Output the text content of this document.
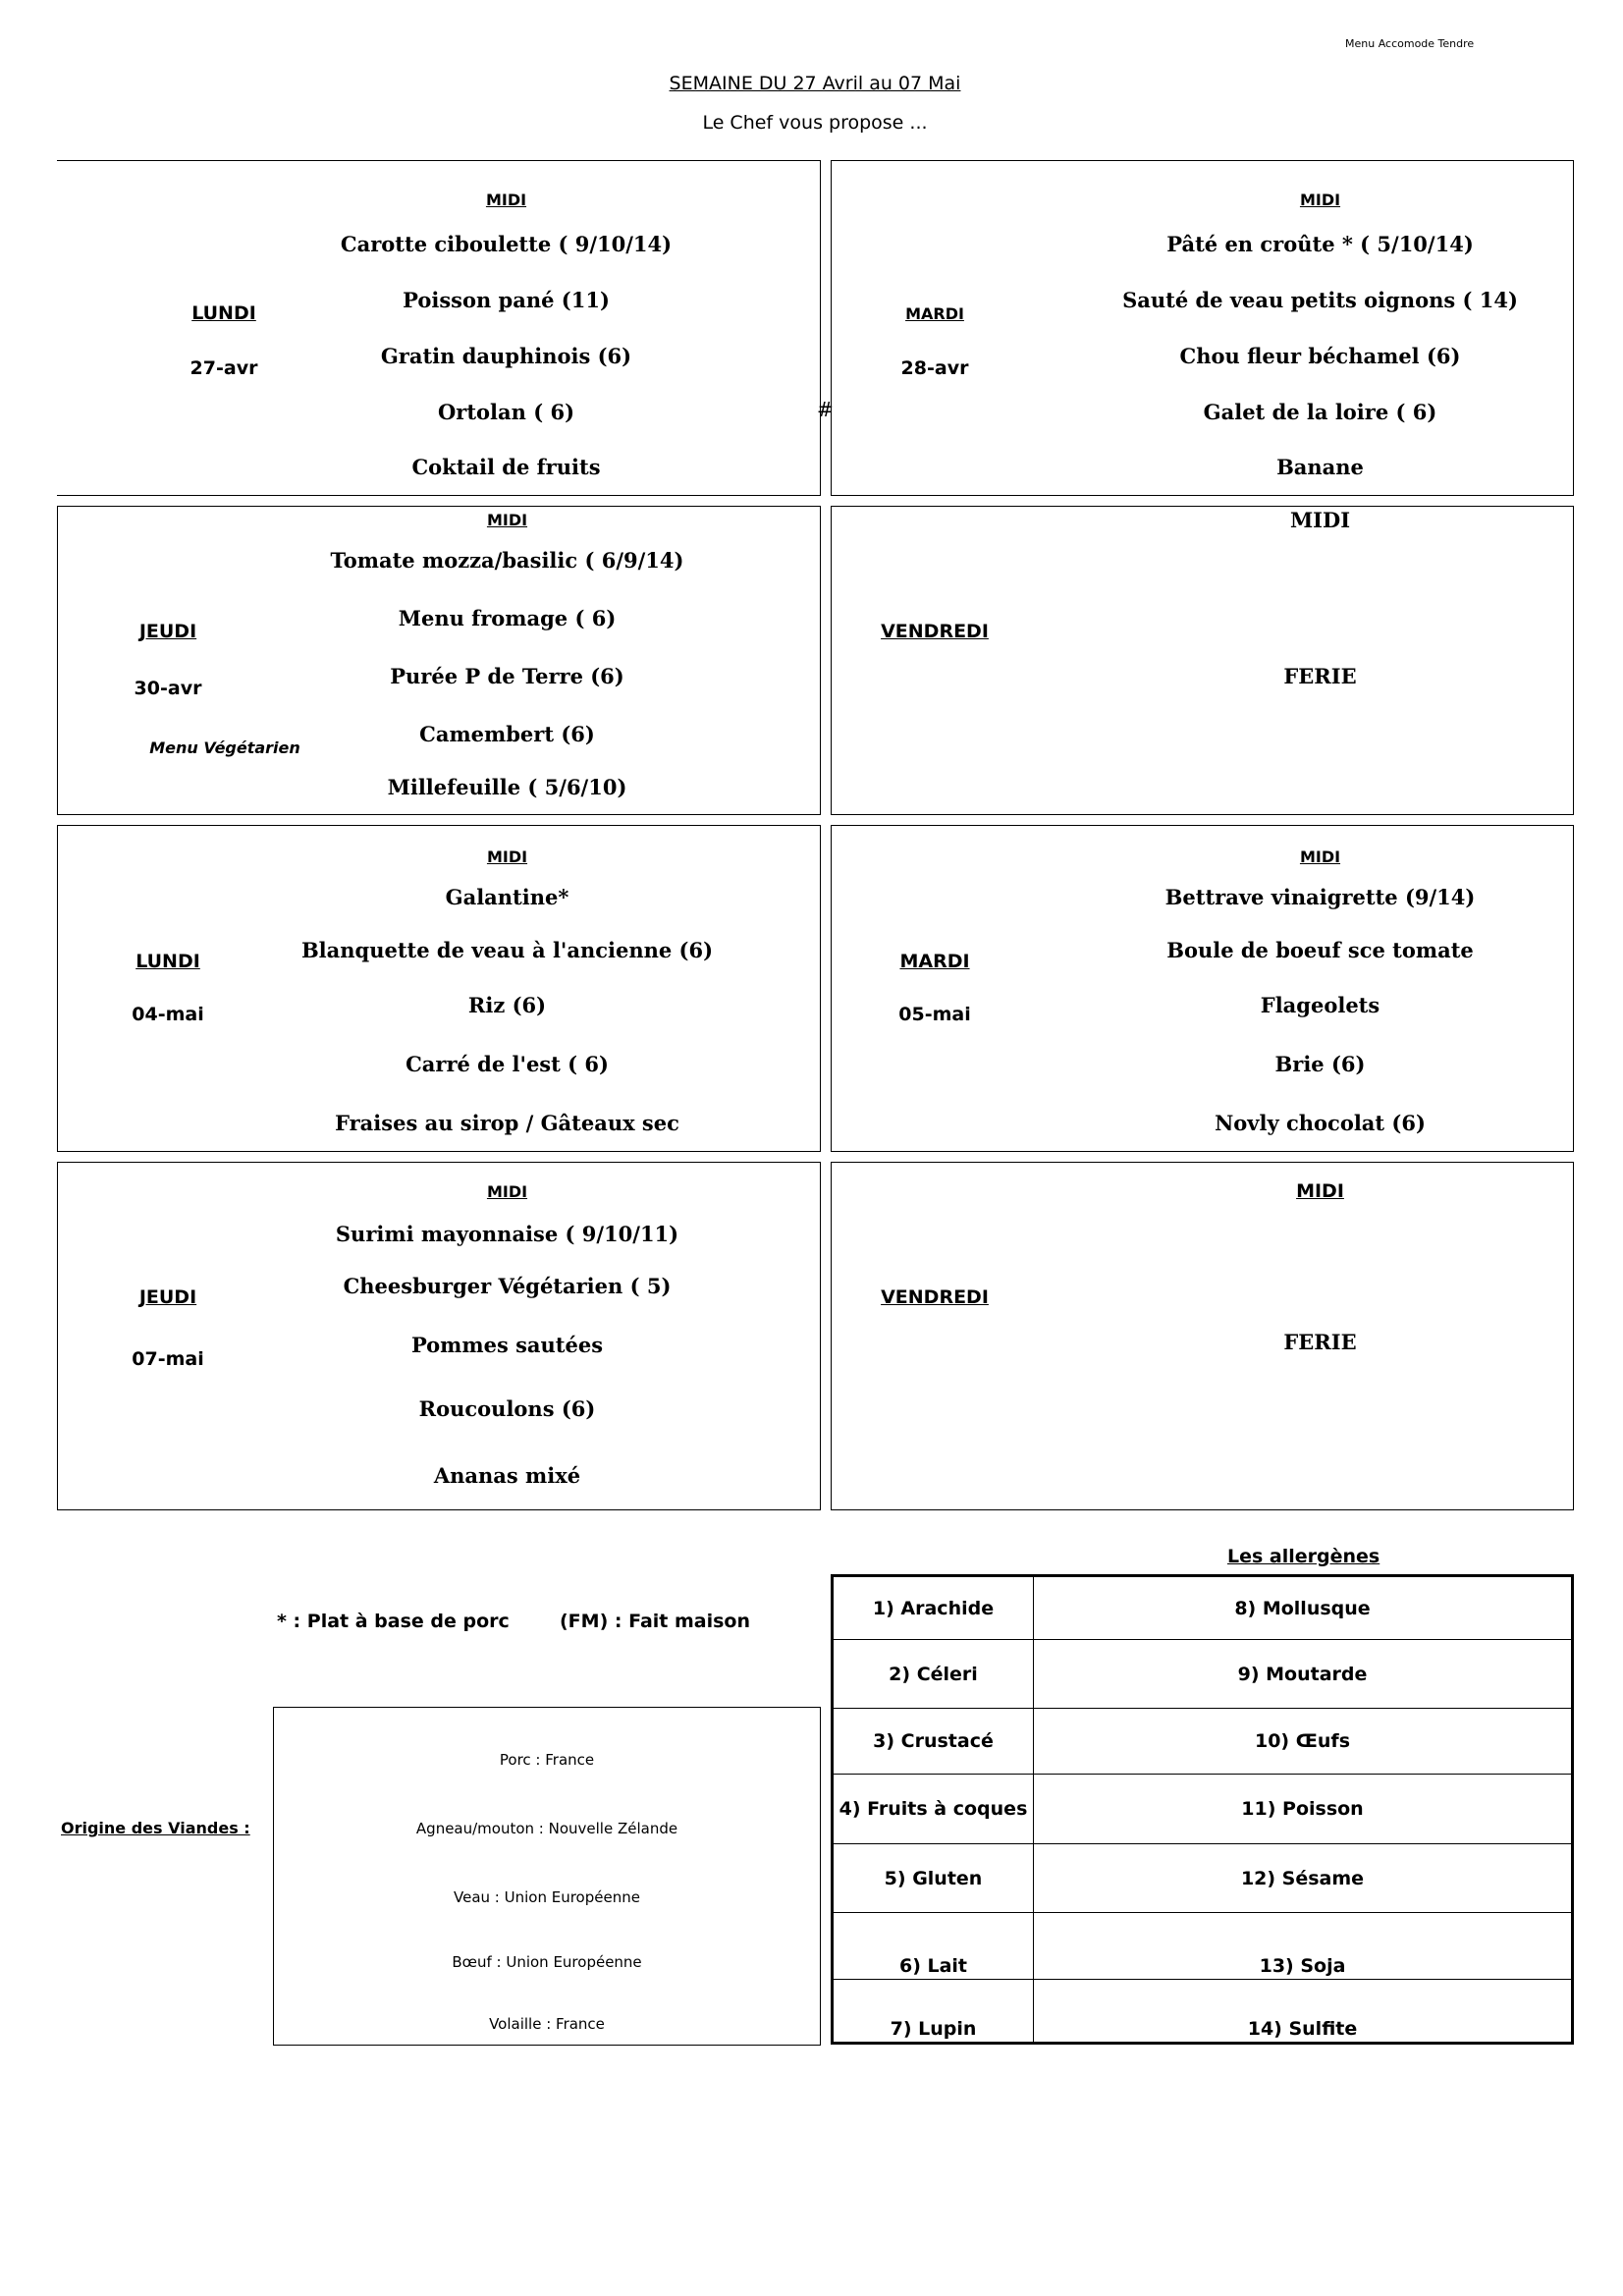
Menu Accomode Tendre
SEMAINE DU 27 Avril au 07 Mai
Le Chef vous propose ...
LUNDI
27-avr
MIDI
Carotte ciboulette ( 9/10/14)
Poisson pané (11)
Gratin dauphinois (6)
Ortolan ( 6)
Coktail de fruits
#
MARDI
28-avr
MIDI
Pâté en croûte * ( 5/10/14)
Sauté de veau petits oignons ( 14)
Chou fleur béchamel (6)
Galet de la loire ( 6)
Banane
JEUDI
30-avr
Menu Végétarien
MIDI
Tomate mozza/basilic ( 6/9/14)
Menu fromage ( 6)
Purée P de Terre (6)
Camembert (6)
Millefeuille ( 5/6/10)
VENDREDI
MIDI
FERIE
LUNDI
04-mai
MIDI
Galantine*
Blanquette de veau à l'ancienne (6)
Riz (6)
Carré de l'est ( 6)
Fraises au sirop / Gâteaux sec
MARDI
05-mai
MIDI
Bettrave vinaigrette (9/14)
Boule de boeuf sce tomate
Flageolets
Brie (6)
Novly chocolat (6)
JEUDI
07-mai
MIDI
Surimi mayonnaise ( 9/10/11)
Cheesburger Végétarien ( 5)
Pommes sautées
Roucoulons (6)
Ananas mixé
VENDREDI
MIDI
FERIE
* : Plat à base de porc	(FM) : Fait maison
Origine des Viandes :
Porc : France
Agneau/mouton : Nouvelle Zélande
Veau : Union Européenne
Bœuf : Union Européenne
Volaille : France
Les allergènes
1) Arachide	8) Mollusque
2) Céleri	9) Moutarde
3) Crustacé	10) Œufs
4) Fruits à coques	11) Poisson
5) Gluten	12) Sésame
6) Lait	13) Soja
7) Lupin	14) Sulfite
